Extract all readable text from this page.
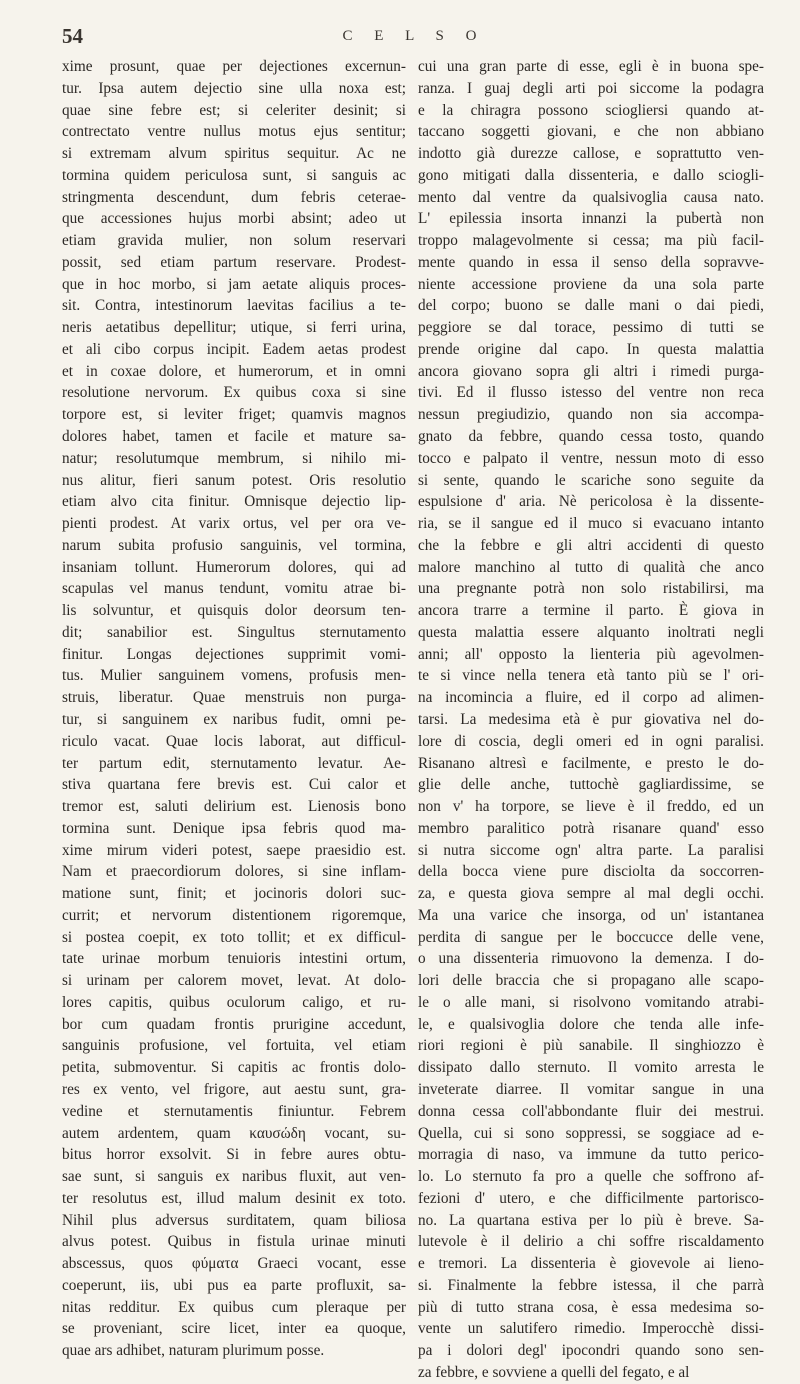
54	C E L S O
xime prosunt, quae per dejectiones excernun-
tur. Ipsa autem dejectio sine ulla noxa est;
quae sine febre est; si celeriter desinit; si
contrectato ventre nullus motus ejus sentitur;
si extremam alvum spiritus sequitur. Ac ne
tormina quidem periculosa sunt, si sanguis ac
stringmenta descendunt, dum febris ceterae-
que accessiones hujus morbi absint; adeo ut
etiam gravida mulier, non solum reservari
possit, sed etiam partum reservare. Prodest-
que in hoc morbo, si jam aetate aliquis proces-
sit. Contra, intestinorum laevitas facilius a te-
neris aetatibus depellitur; utique, si ferri urina,
et ali cibo corpus incipit. Eadem aetas prodest
et in coxae dolore, et humerorum, et in omni
resolutione nervorum. Ex quibus coxa si sine
torpore est, si leviter friget; quamvis magnos
dolores habet, tamen et facile et mature sa-
natur; resolutumque membrum, si nihilo mi-
nus alitur, fieri sanum potest. Oris resolutio
etiam alvo cita finitur. Omnisque dejectio lip-
pienti prodest. At varix ortus, vel per ora ve-
narum subita profusio sanguinis, vel tormina,
insaniam tollunt. Humerorum dolores, qui ad
scapulas vel manus tendunt, vomitu atrae bi-
lis solvuntur, et quisquis dolor deorsum ten-
dit; sanabilior est. Singultus sternutamento
finitur. Longas dejectiones supprimit vomi-
tus. Mulier sanguinem vomens, profusis men-
struis, liberatur. Quae menstruis non purga-
tur, si sanguinem ex naribus fudit, omni pe-
riculo vacat. Quae locis laborat, aut difficul-
ter partum edit, sternutamento levatur. Ae-
stiva quartana fere brevis est. Cui calor et
tremor est, saluti delirium est. Lienosis bono
tormina sunt. Denique ipsa febris quod ma-
xime mirum videri potest, saepe praesidio est.
Nam et praecordiorum dolores, si sine inflam-
matione sunt, finit; et jocinoris dolori suc-
currit; et nervorum distentionem rigoremque,
si postea coepit, ex toto tollit; et ex difficul-
tate urinae morbum tenuioris intestini ortum,
si urinam per calorem movet, levat. At dolo-
lores capitis, quibus oculorum caligo, et ru-
bor cum quadam frontis prurigine accedunt,
sanguinis profusione, vel fortuita, vel etiam
petita, submoventur. Si capitis ac frontis dolo-
res ex vento, vel frigore, aut aestu sunt, gra-
vedine et sternutamentis finiuntur. Febrem
autem ardentem, quam καυσώδη vocant, su-
bitus horror exsolvit. Si in febre aures obtu-
sae sunt, si sanguis ex naribus fluxit, aut ven-
ter resolutus est, illud malum desinit ex toto.
Nihil plus adversus surditatem, quam biliosa
alvus potest. Quibus in fistula urinae minuti
abscessus, quos φύματα Graeci vocant, esse
coeperunt, iis, ubi pus ea parte profluxit, sa-
nitas redditur. Ex quibus cum pleraque per
se proveniant, scire licet, inter ea quoque,
quae ars adhibet, naturam plurimum posse.
cui una gran parte di esse, egli è in buona spe-
ranza. I guaj degli arti poi siccome la podagra
e la chiragra possono sciogliersi quando at-
taccano soggetti giovani, e che non abbiano
indotto già durezze callose, e soprattutto ven-
gono mitigati dalla dissenteria, e dallo sciogli-
mento dal ventre da qualsivoglia causa nato.
L' epilessia insorta innanzi la pubertà non
troppo malagevolmente si cessa; ma più facil-
mente quando in essa il senso della sopravve-
niente accessione proviene da una sola parte
del corpo; buono se dalle mani o dai piedi,
peggiore se dal torace, pessimo di tutti se
prende origine dal capo. In questa malattia
ancora giovano sopra gli altri i rimedi purga-
tivi. Ed il flusso istesso del ventre non reca
nessun pregiudizio, quando non sia accompa-
gnato da febbre, quando cessa tosto, quando
tocco e palpato il ventre, nessun moto di esso
si sente, quando le scariche sono seguite da
espulsione d' aria. Nè pericolosa è la dissente-
ria, se il sangue ed il muco si evacuano intanto
che la febbre e gli altri accidenti di questo
malore manchino al tutto di qualità che anco
una pregnante potrà non solo ristabilirsi, ma
ancora trarre a termine il parto. È giova in
questa malattia essere alquanto inoltrati negli
anni; all' opposto la lienteria più agevolmen-
te si vince nella tenera età tanto più se l' ori-
na incomincia a fluire, ed il corpo ad alimen-
tarsi. La medesima età è pur giovativa nel do-
lore di coscia, degli omeri ed in ogni paralisi.
Risanano altresì e facilmente, e presto le do-
glie delle anche, tuttochè gagliardissime, se
non v' ha torpore, se lieve è il freddo, ed un
membro paralitico potrà risanare quand' esso
si nutra siccome ogn' altra parte. La paralisi
della bocca viene pure disciolta da soccorren-
za, e questa giova sempre al mal degli occhi.
Ma una varice che insorga, od un' istantanea
perdita di sangue per le boccucce delle vene,
o una dissenteria rimuovono la demenza. I do-
lori delle braccia che si propagano alle scapo-
le o alle mani, si risolvono vomitando atrabi-
le, e qualsivoglia dolore che tenda alle infe-
riori regioni è più sanabile. Il singhiozzo è
dissipato dallo sternuto. Il vomito arresta le
inveterate diarree. Il vomitar sangue in una
donna cessa coll'abbondante fluir dei mestrui.
Quella, cui si sono soppressi, se soggiace ad e-
morragia di naso, va immune da tutto perico-
lo. Lo sternuto fa pro a quelle che soffrono af-
fezioni d' utero, e che difficilmente partorisco-
no. La quartana estiva per lo più è breve. Sa-
lutevole è il delirio a chi soffre riscaldamento
e tremori. La dissenteria è giovevole ai lieno-
si. Finalmente la febbre istessa, il che parrà
più di tutto strana cosa, è essa medesima so-
vente un salutifero rimedio. Imperocchè dissi-
pa i dolori degl' ipocondri quando sono sen-
za febbre, e sovviene a quelli del fegato, e al
